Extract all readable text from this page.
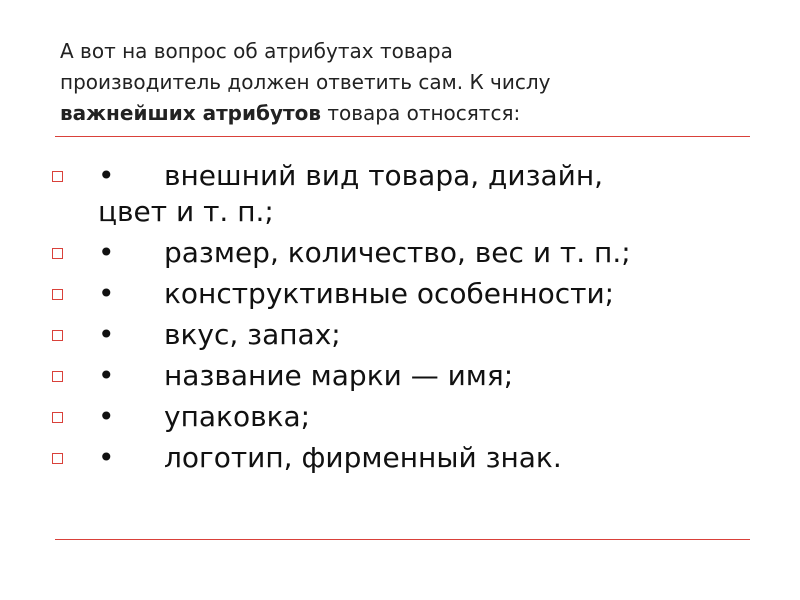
А вот на вопрос об атрибутах товара
производитель должен ответить сам. К числу
важнейших атрибутов товара относятся:
• внешний вид товара, дизайн,
цвет и т. п.;
• размер, количество, вес и т. п.;
• конструктивные особенности;
• вкус, запах;
• название марки — имя;
• упаковка;
• логотип, фирменный знак.
